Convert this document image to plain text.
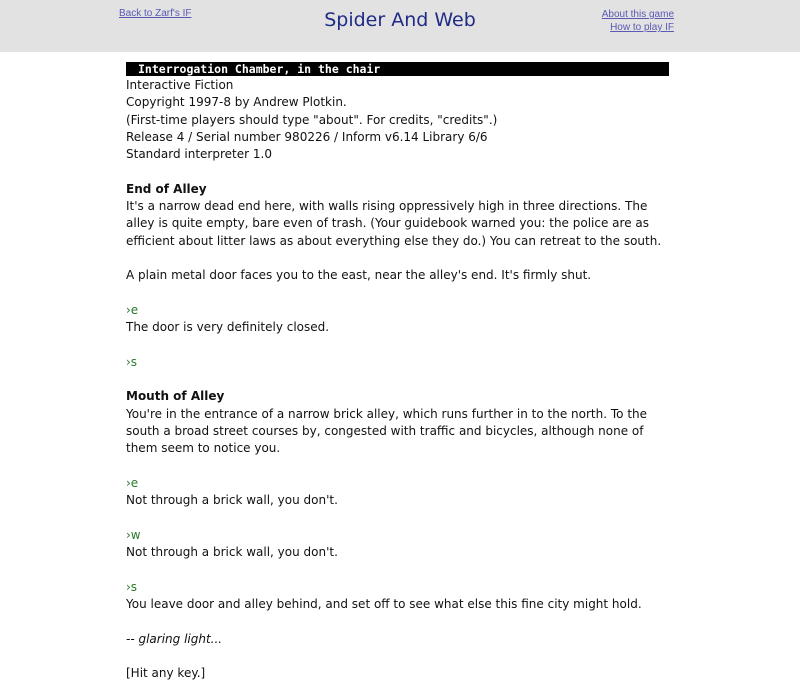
Back to Zarf's IF	Spider And Web	About this game
How to play IF
Interrogation Chamber, in the chair
Interactive Fiction
Copyright 1997-8 by Andrew Plotkin.
(First-time players should type "about". For credits, "credits".)
Release 4 / Serial number 980226 / Inform v6.14 Library 6/6
Standard interpreter 1.0
End of Alley
It's a narrow dead end here, with walls rising oppressively high in three directions. The alley is quite empty, bare even of trash. (Your guidebook warned you: the police are as efficient about litter laws as about everything else they do.) You can retreat to the south.
A plain metal door faces you to the east, near the alley's end. It's firmly shut.
›e
The door is very definitely closed.
›s
Mouth of Alley
You're in the entrance of a narrow brick alley, which runs further in to the north. To the south a broad street courses by, congested with traffic and bicycles, although none of them seem to notice you.
›e
Not through a brick wall, you don't.
›w
Not through a brick wall, you don't.
›s
You leave door and alley behind, and set off to see what else this fine city might hold.
-- glaring light...
[Hit any key.]
